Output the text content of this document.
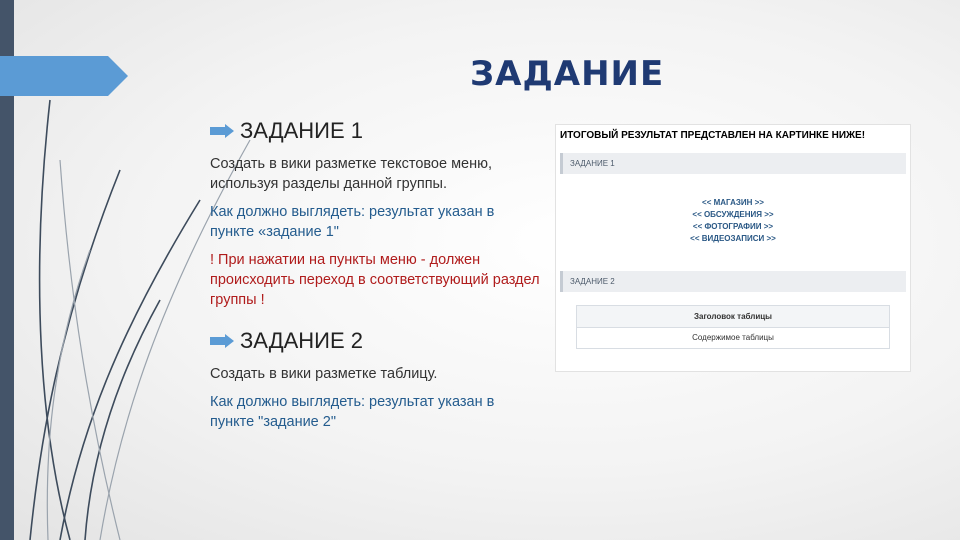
ЗАДАНИЕ
ЗАДАНИЕ 1
Создать в вики разметке текстовое меню, используя разделы данной группы.
Как должно выглядеть: результат указан в пункте «задание 1"
! При нажатии на пункты меню - должен происходить переход в соответствующий раздел группы !
ЗАДАНИЕ 2
Создать в вики разметке таблицу.
Как должно выглядеть: результат указан в пункте "задание 2"
ИТОГОВЫЙ РЕЗУЛЬТАТ ПРЕДСТАВЛЕН НА КАРТИНКЕ НИЖЕ!
ЗАДАНИЕ 1
<< МАГАЗИН >>
<< ОБСУЖДЕНИЯ >>
<< ФОТОГРАФИИ >>
<< ВИДЕОЗАПИСИ >>
ЗАДАНИЕ 2
Заголовок таблицы
Содержимое таблицы
